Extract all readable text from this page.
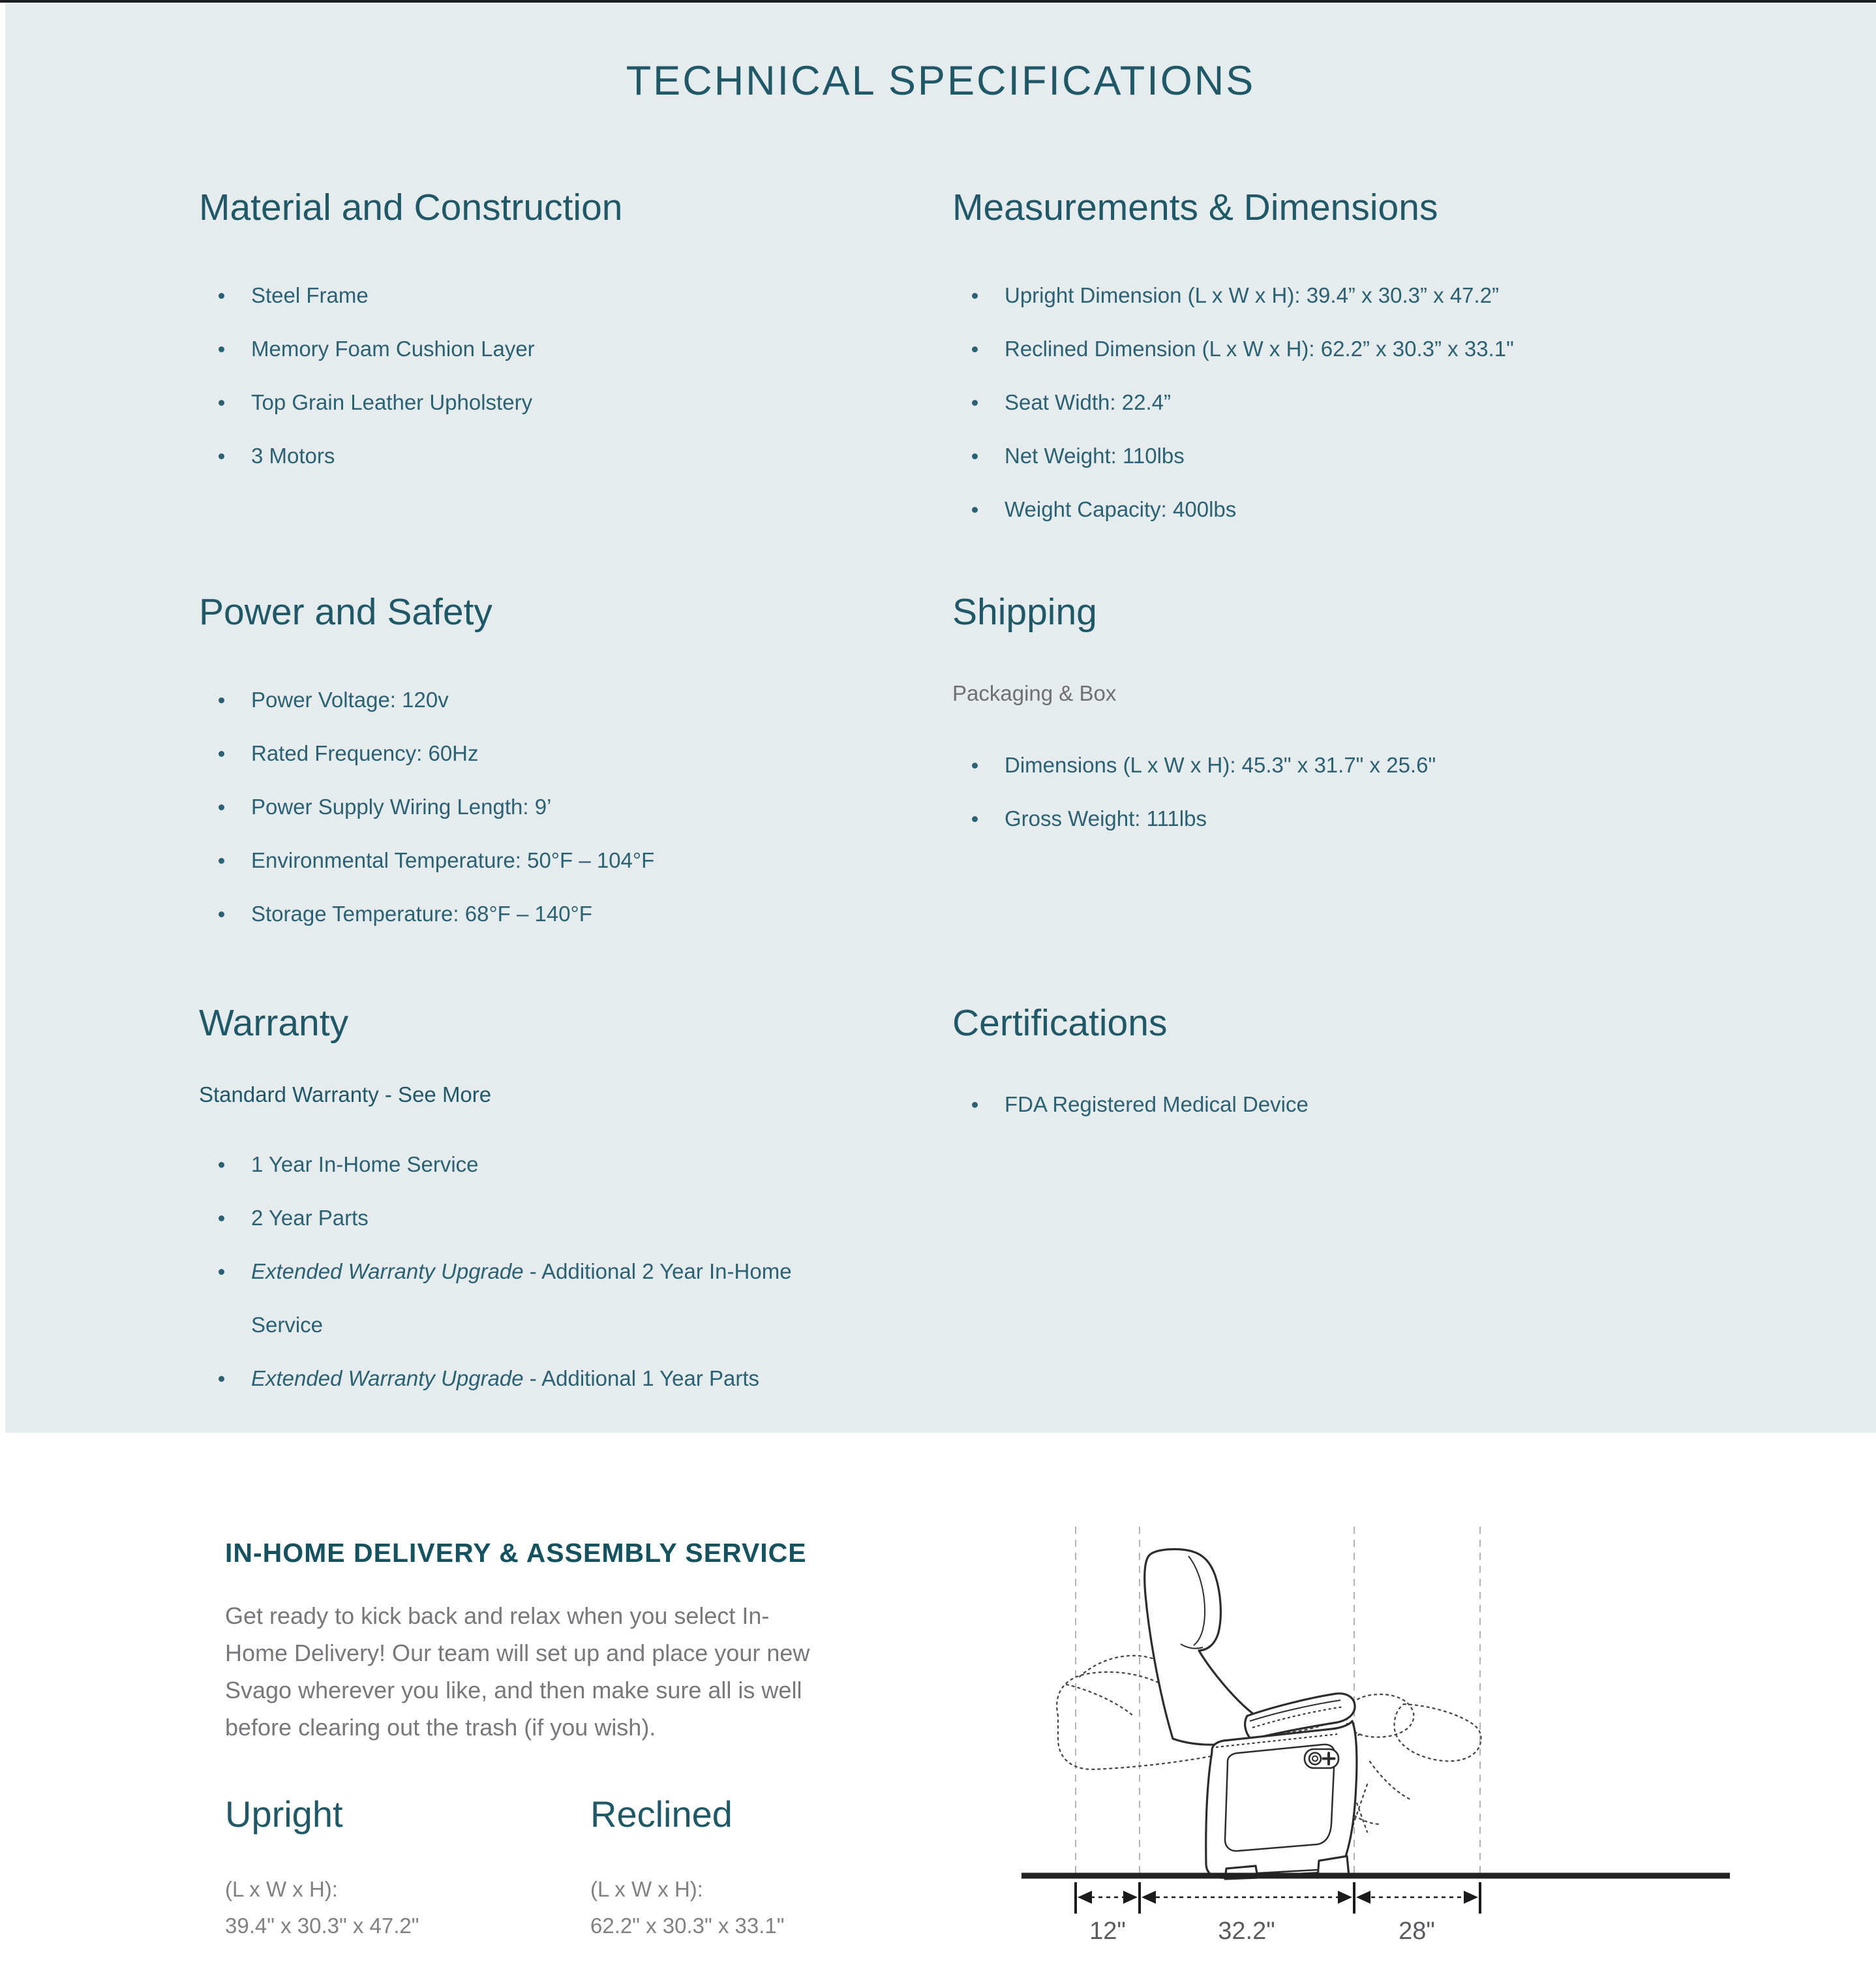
TECHNICAL SPECIFICATIONS
Material and Construction
Steel Frame
Memory Foam Cushion Layer
Top Grain Leather Upholstery
3 Motors
Measurements & Dimensions
Upright Dimension (L x W x H): 39.4” x 30.3” x 47.2”
Reclined Dimension (L x W x H): 62.2” x 30.3” x 33.1"
Seat Width: 22.4”
Net Weight: 110lbs
Weight Capacity: 400lbs
Power and Safety
Power Voltage: 120v
Rated Frequency: 60Hz
Power Supply Wiring Length: 9’
Environmental Temperature: 50°F – 104°F
Storage Temperature: 68°F – 140°F
Shipping
Packaging & Box
Dimensions (L x W x H): 45.3" x 31.7" x 25.6"
Gross Weight: 111lbs
Warranty
Standard Warranty - See More
1 Year In-Home Service
2 Year Parts
Extended Warranty Upgrade - Additional 2 Year In-Home Service
Extended Warranty Upgrade - Additional 1 Year Parts
Certifications
FDA Registered Medical Device
IN-HOME DELIVERY & ASSEMBLY SERVICE

Get ready to kick back and relax when you select In-Home Delivery! Our team will set up and place your new Svago wherever you like, and then make sure all is well before clearing out the trash (if you wish).

Upright
(L x W x H):
39.4" x 30.3" x 47.2"
Reclined
(L x W x H):
62.2" x 30.3" x 33.1"	12"	32.2"	28"
